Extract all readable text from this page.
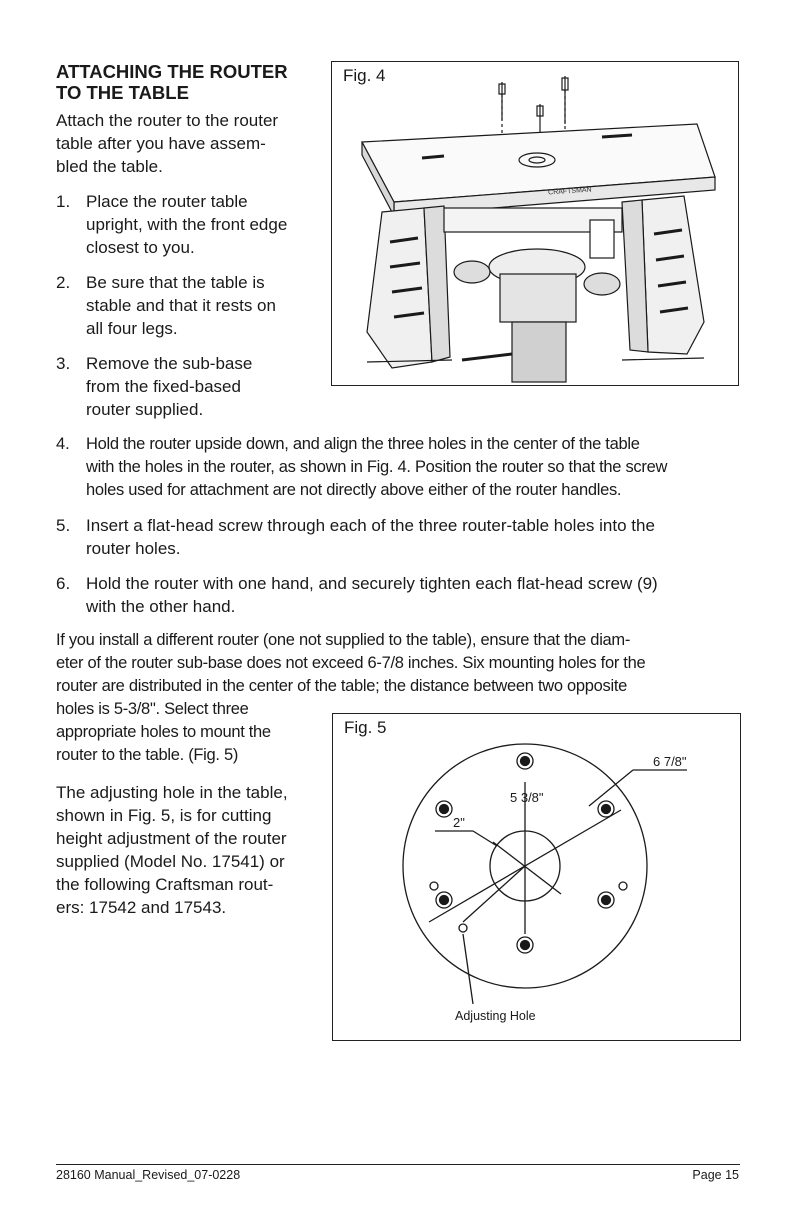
ATTACHING THE ROUTER
TO THE TABLE
Attach the router to the router
table after you have assem-
bled the table.
1. Place the router table
upright, with the front edge
closest to you.
2. Be sure that the table is
stable and that it rests on
all four legs.
3. Remove the sub-base
from the fixed-based
router supplied.
4. Hold the router upside down, and align the three holes in the center of the table
with the holes in the router, as shown in Fig. 4. Position the router so that the screw
holes used for attachment are not directly above either of the router handles.
5. Insert a flat-head screw through each of the three router-table holes into the
router holes.
6. Hold the router with one hand, and securely tighten each flat-head screw (9)
with the other hand.
If you install a different router (one not supplied to the table), ensure that the diam-
eter of the router sub-base does not exceed 6-7/8 inches. Six mounting holes for the
router are distributed in the center of the table; the distance between two opposite
holes is 5-3/8". Select three
appropriate holes to mount the
router to the table. (Fig. 5)
The adjusting hole in the table,
shown in Fig. 5, is for cutting
height adjustment of the router
supplied (Model No. 17541) or
the following Craftsman rout-
ers: 17542 and 17543.
Fig. 4
CRAFTSMAN
Fig. 5
6 7/8"
5 3/8"
2"
Adjusting Hole
28160 Manual_Revised_07-0228	Page 15
